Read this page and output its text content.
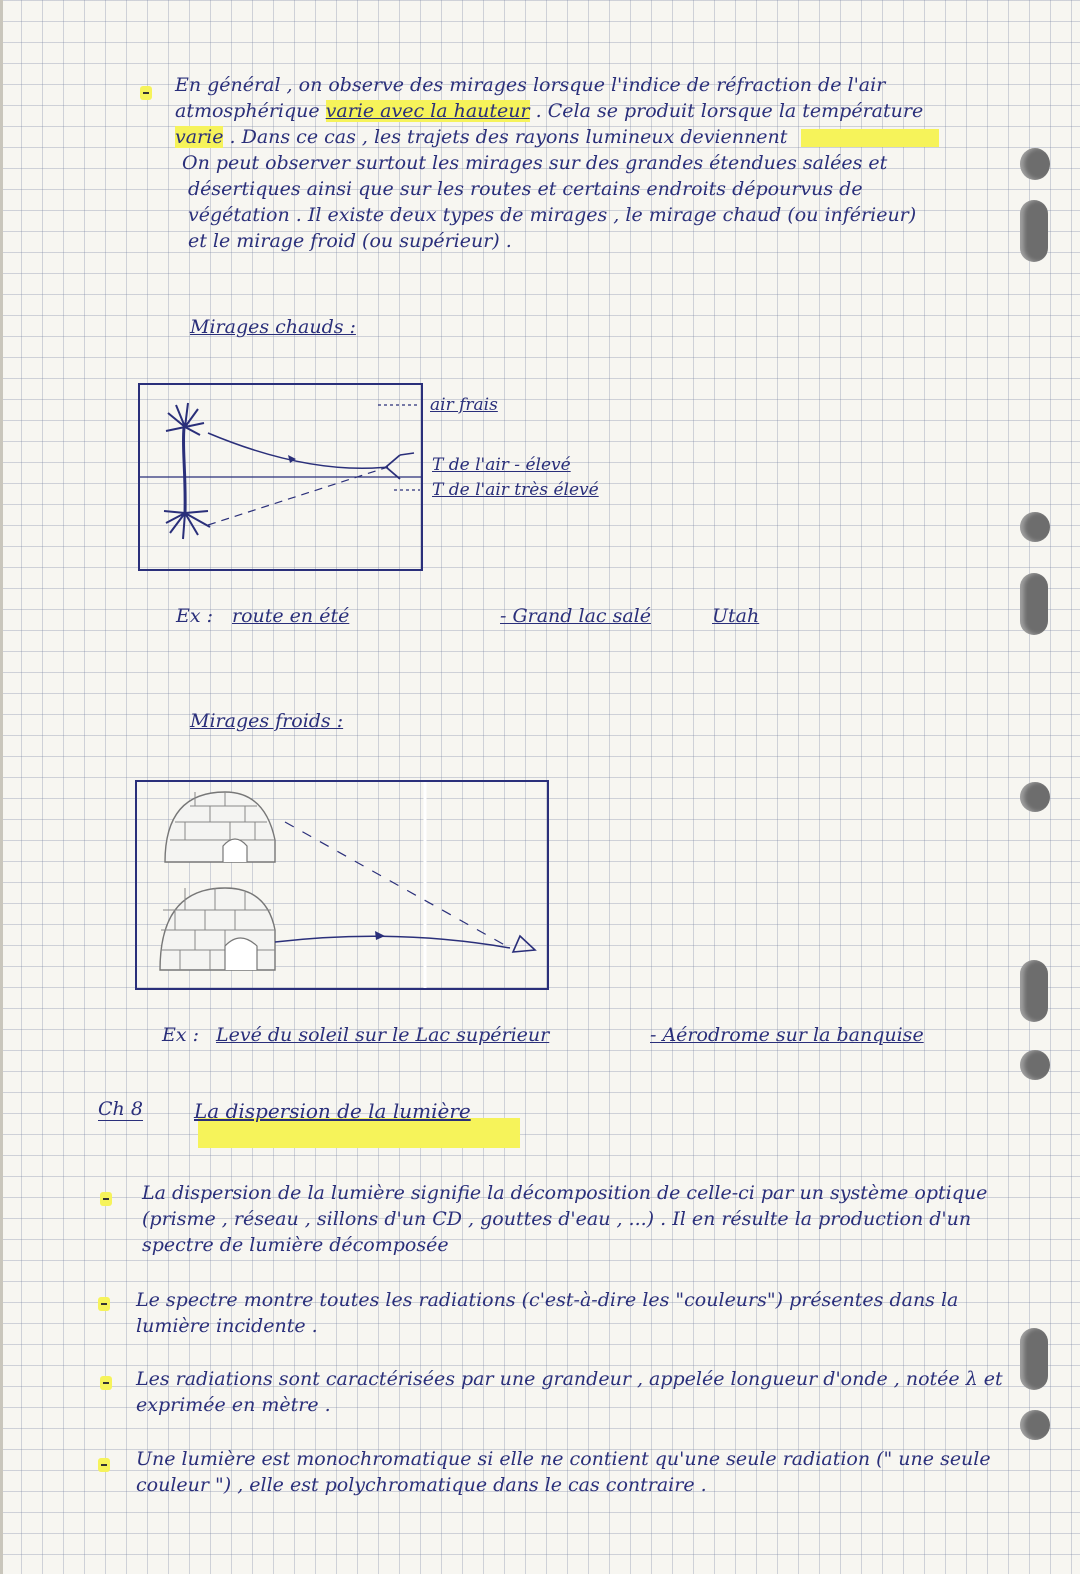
En général , on observe des mirages lorsque l'indice de réfraction de l'air
atmosphérique varie avec la hauteur . Cela se produit lorsque la température
varie . Dans ce cas , les trajets des rayons lumineux deviennent
On peut observer surtout les mirages sur des grandes étendues salées et
désertiques ainsi que sur les routes et certains endroits dépourvus de
végétation . Il existe deux types de mirages , le mirage chaud (ou inférieur)
et le mirage froid (ou supérieur) .
Mirages chauds :
air frais
T de l'air - élevé
T de l'air très élevé
Ex : route en été	- Grand lac salé	Utah
Mirages froids :
Ex : Levé du soleil sur le Lac supérieur	- Aérodrome sur la banquise
Ch 8	La dispersion de la lumière
La dispersion de la lumière signifie la décomposition de celle-ci par un système optique (prisme , réseau , sillons d'un CD , gouttes d'eau , ...) . Il en résulte la production d'un spectre de lumière décomposée
Le spectre montre toutes les radiations (c'est-à-dire les "couleurs") présentes dans la lumière incidente .
Les radiations sont caractérisées par une grandeur , appelée longueur d'onde , notée λ et exprimée en mètre .
Une lumière est monochromatique si elle ne contient qu'une seule radiation (" une seule couleur ") , elle est polychromatique dans le cas contraire .
